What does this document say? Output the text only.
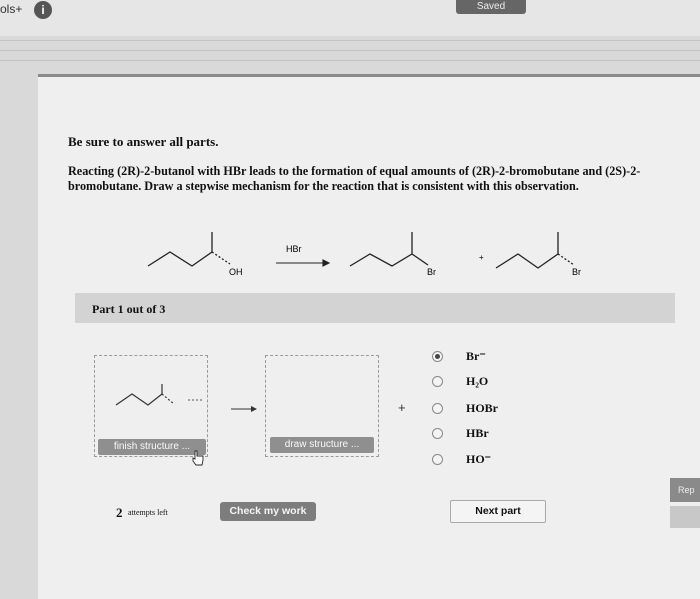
ols+	i	Saved
Be sure to answer all parts.
Reacting (2R)-2-butanol with HBr leads to the formation of equal amounts of (2R)-2-bromobutane and (2S)-2-bromobutane. Draw a stepwise mechanism for the reaction that is consistent with this observation.
OH
HBr
Br
+
Br
Part 1 out of 3
+
finish structure ...	draw structure ...
Br⁻
H₂O
HOBr
HBr
HO⁻
2 attempts left	Check my work	Next part
Rep
